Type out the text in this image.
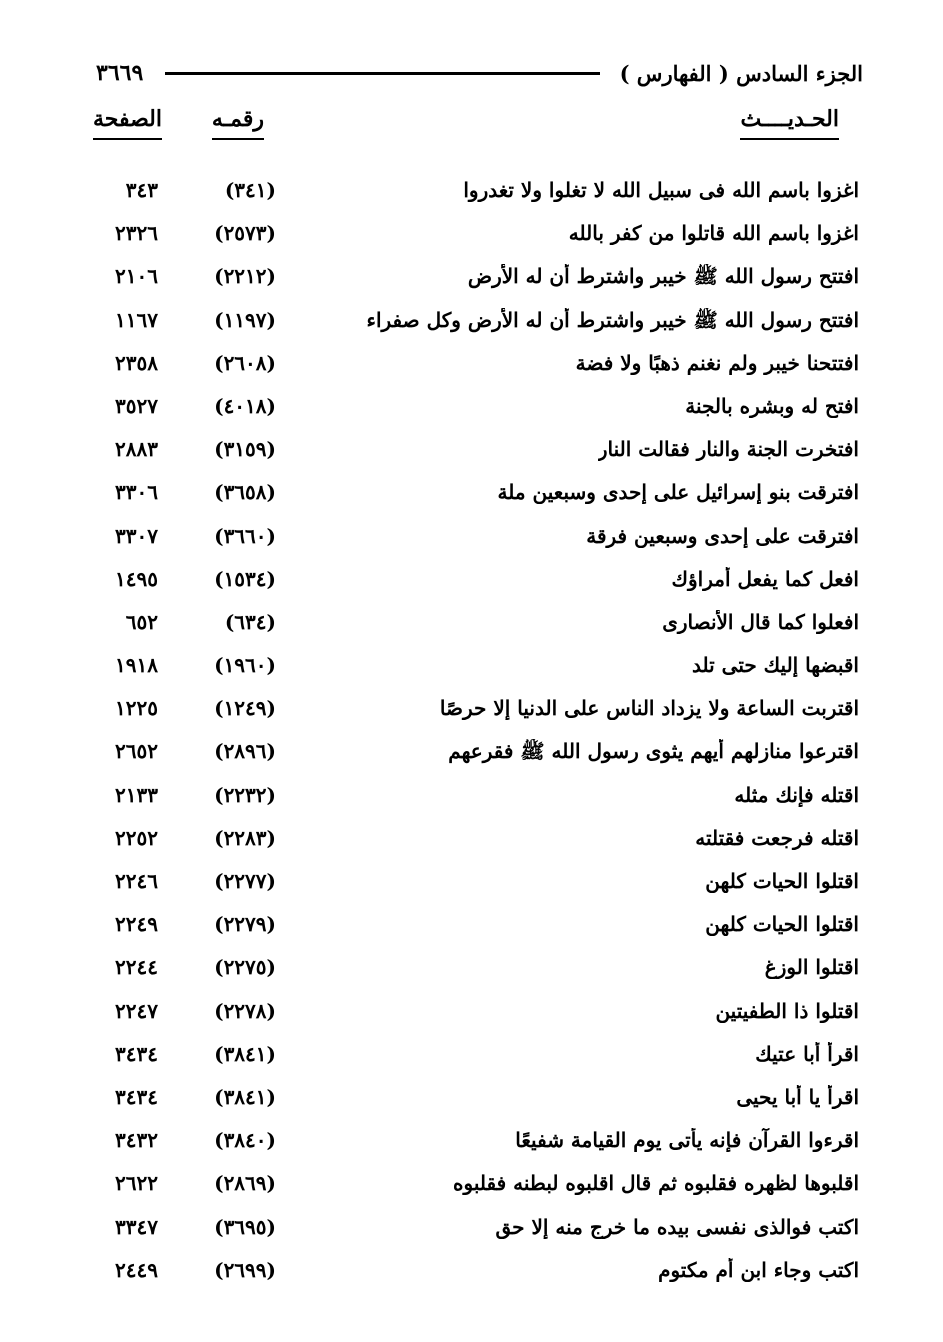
الجزء السادس ( الفهارس )
٣٦٦٩
الحـديــــث
رقمـه
الصفحة
اغزوا باسم الله فى سبيل الله لا تغلوا ولا تغدروا
(٣٤١)
٣٤٣
اغزوا باسم الله قاتلوا من كفر بالله
(٢٥٧٣)
٢٣٢٦
افتتح رسول الله ﷺ خيبر واشترط أن له الأرض
(٢٢١٢)
٢١٠٦
افتتح رسول الله ﷺ خيبر واشترط أن له الأرض وكل صفراء
(١١٩٧)
١١٦٧
افتتحنا خيبر ولم نغنم ذهبًا ولا فضة
(٢٦٠٨)
٢٣٥٨
افتح له وبشره بالجنة
(٤٠١٨)
٣٥٢٧
افتخرت الجنة والنار فقالت النار
(٣١٥٩)
٢٨٨٣
افترقت بنو إسرائيل على إحدى وسبعين ملة
(٣٦٥٨)
٣٣٠٦
افترقت على إحدى وسبعين فرقة
(٣٦٦٠)
٣٣٠٧
افعل كما يفعل أمراؤك
(١٥٣٤)
١٤٩٥
افعلوا كما قال الأنصارى
(٦٣٤)
٦٥٢
اقبضها إليك حتى تلد
(١٩٦٠)
١٩١٨
اقتربت الساعة ولا يزداد الناس على الدنيا إلا حرصًا
(١٢٤٩)
١٢٢٥
اقترعوا منازلهم أيهم يثوى رسول الله ﷺ فقرعهم
(٢٨٩٦)
٢٦٥٢
اقتله فإنك مثله
(٢٢٣٢)
٢١٣٣
اقتله فرجعت فقتلته
(٢٢٨٣)
٢٢٥٢
اقتلوا الحيات كلهن
(٢٢٧٧)
٢٢٤٦
اقتلوا الحيات كلهن
(٢٢٧٩)
٢٢٤٩
اقتلوا الوزغ
(٢٢٧٥)
٢٢٤٤
اقتلوا ذا الطفيتين
(٢٢٧٨)
٢٢٤٧
اقرأ أبا عتيك
(٣٨٤١)
٣٤٣٤
اقرأ يا أبا يحيى
(٣٨٤١)
٣٤٣٤
اقرءوا القرآن فإنه يأتى يوم القيامة شفيعًا
(٣٨٤٠)
٣٤٣٢
اقلبوها لظهره فقلبوه ثم قال اقلبوه لبطنه فقلبوه
(٢٨٦٩)
٢٦٢٢
اكتب فوالذى نفسى بيده ما خرج منه إلا حق
(٣٦٩٥)
٣٣٤٧
اكتب وجاء ابن أم مكتوم
(٢٦٩٩)
٢٤٤٩
